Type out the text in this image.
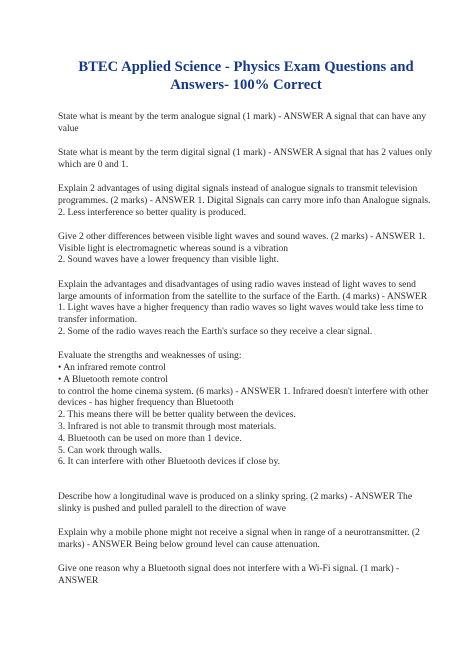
BTEC Applied Science - Physics Exam Questions and Answers- 100% Correct
State what is meant by the term analogue signal (1 mark) - ANSWER A signal that can have any value
State what is meant by the term digital signal (1 mark) - ANSWER A signal that has 2 values only which are 0 and 1.
Explain 2 advantages of using digital signals instead of analogue signals to transmit television programmes. (2 marks) - ANSWER 1. Digital Signals can carry more info than Analogue signals.
2. Less interference so better quality is produced.
Give 2 other differences between visible light waves and sound waves. (2 marks) - ANSWER 1. Visible light is electromagnetic whereas sound is a vibration
2. Sound waves have a lower frequency than visible light.
Explain the advantages and disadvantages of using radio waves instead of light waves to send large amounts of information from the satellite to the surface of the Earth. (4 marks) - ANSWER 1. Light waves have a higher frequency than radio waves so light waves would take less time to transfer information.
2. Some of the radio waves reach the Earth's surface so they receive a clear signal.
Evaluate the strengths and weaknesses of using:
• An infrared remote control
• A Bluetooth remote control
to control the home cinema system. (6 marks) - ANSWER 1. Infrared doesn't interfere with other devices - has higher frequency than Bluetooth
2. This means there will be better quality between the devices.
3. Infrared is not able to transmit through most materials.
4. Bluetooth can be used on more than 1 device.
5. Can work through walls.
6. It can interfere with other Bluetooth devices if close by.
Describe how a longitudinal wave is produced on a slinky spring. (2 marks) - ANSWER The slinky is pushed and pulled paralell to the direction of wave
Explain why a mobile phone might not receive a signal when in range of a neurotransmitter. (2 marks) - ANSWER Being below ground level can cause attenuation.
Give one reason why a Bluetooth signal does not interfere with a Wi-Fi signal. (1 mark) - ANSWER
